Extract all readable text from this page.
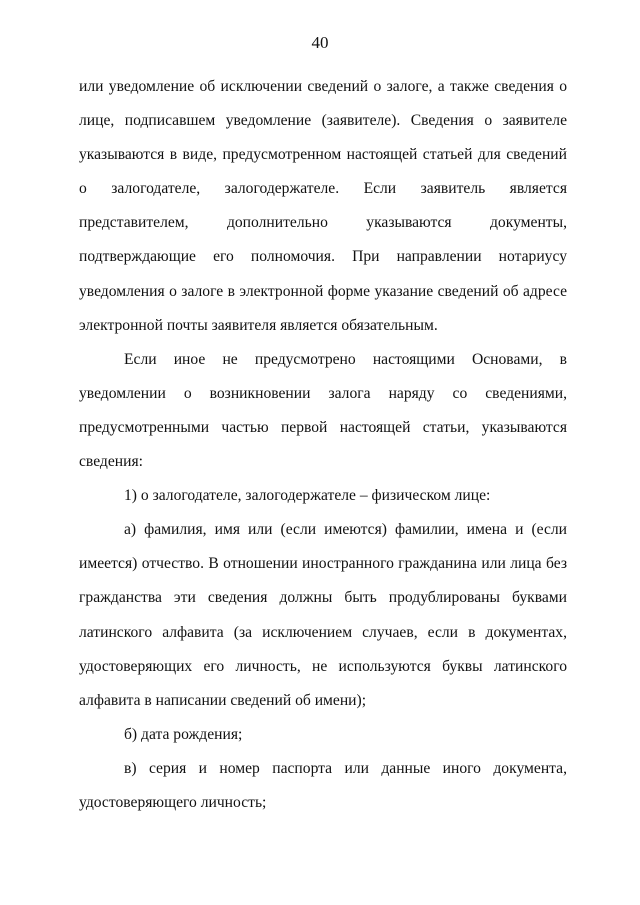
40

или уведомление об исключении сведений о залоге, а также сведения о лице, подписавшем уведомление (заявителе). Сведения о заявителе указываются в виде, предусмотренном настоящей статьей для сведений о залогодателе, залогодержателе. Если заявитель является представителем, дополнительно указываются документы, подтверждающие его полномочия. При направлении нотариусу уведомления о залоге в электронной форме указание сведений об адресе электронной почты заявителя является обязательным.

Если иное не предусмотрено настоящими Основами, в уведомлении о возникновении залога наряду со сведениями, предусмотренными частью первой настоящей статьи, указываются сведения:

1) о залогодателе, залогодержателе – физическом лице:

а) фамилия, имя или (если имеются) фамилии, имена и (если имеется) отчество. В отношении иностранного гражданина или лица без гражданства эти сведения должны быть продублированы буквами латинского алфавита (за исключением случаев, если в документах, удостоверяющих его личность, не используются буквы латинского алфавита в написании сведений об имени);

б) дата рождения;

в) серия и номер паспорта или данные иного документа, удостоверяющего личность;
